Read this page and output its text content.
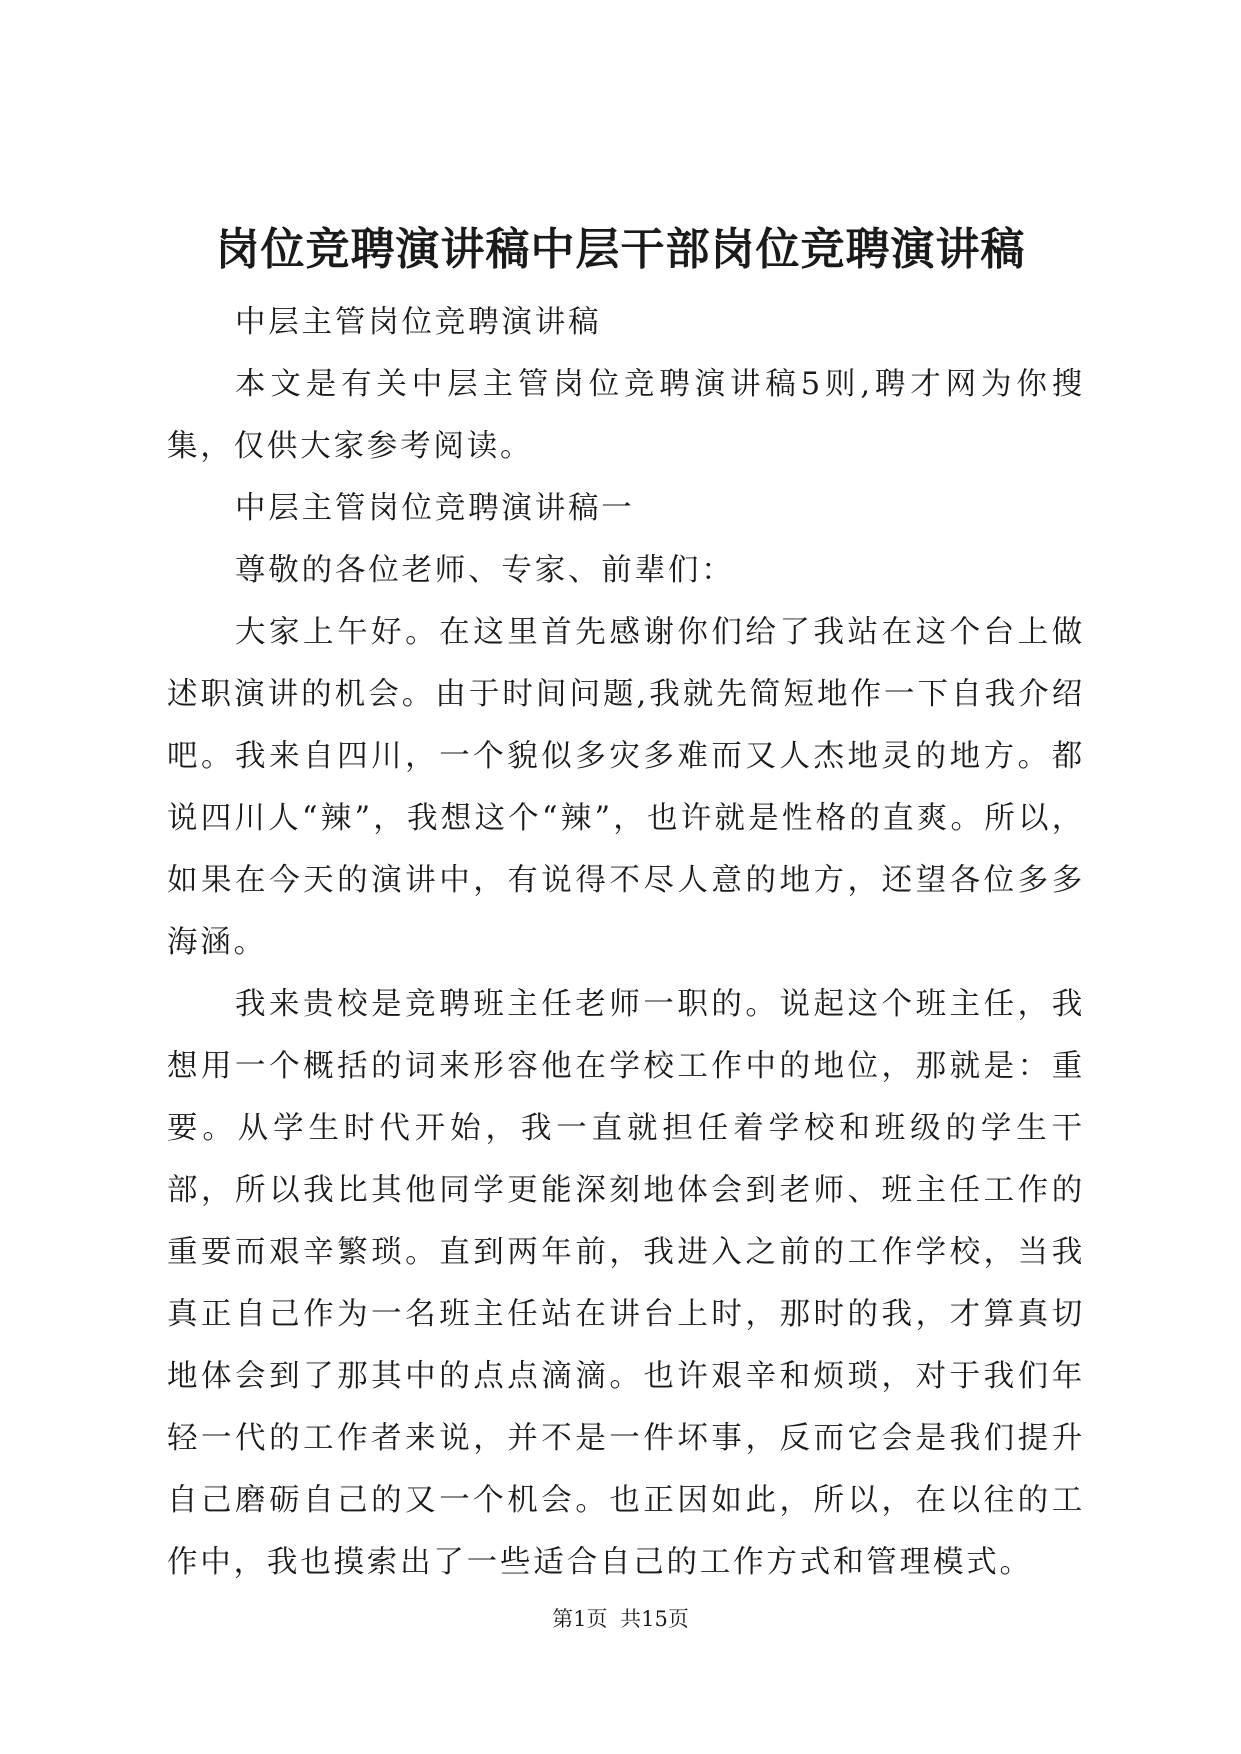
岗位竞聘演讲稿中层干部岗位竞聘演讲稿

中层主管岗位竞聘演讲稿

本文是有关中层主管岗位竞聘演讲稿5则,聘才网为你搜集，仅供大家参考阅读。

中层主管岗位竞聘演讲稿一

尊敬的各位老师、专家、前辈们：

大家上午好。在这里首先感谢你们给了我站在这个台上做述职演讲的机会。由于时间问题,我就先简短地作一下自我介绍吧。我来自四川，一个貌似多灾多难而又人杰地灵的地方。都说四川人“辣”，我想这个“辣”，也许就是性格的直爽。所以，如果在今天的演讲中，有说得不尽人意的地方，还望各位多多海涵。

我来贵校是竞聘班主任老师一职的。说起这个班主任，我想用一个概括的词来形容他在学校工作中的地位，那就是：重要。从学生时代开始，我一直就担任着学校和班级的学生干部，所以我比其他同学更能深刻地体会到老师、班主任工作的重要而艰辛繁琐。直到两年前，我进入之前的工作学校，当我真正自己作为一名班主任站在讲台上时，那时的我，才算真切地体会到了那其中的点点滴滴。也许艰辛和烦琐，对于我们年轻一代的工作者来说，并不是一件坏事，反而它会是我们提升自己磨砺自己的又一个机会。也正因如此，所以，在以往的工作中，我也摸索出了一些适合自己的工作方式和管理模式。

第1页 共15页
